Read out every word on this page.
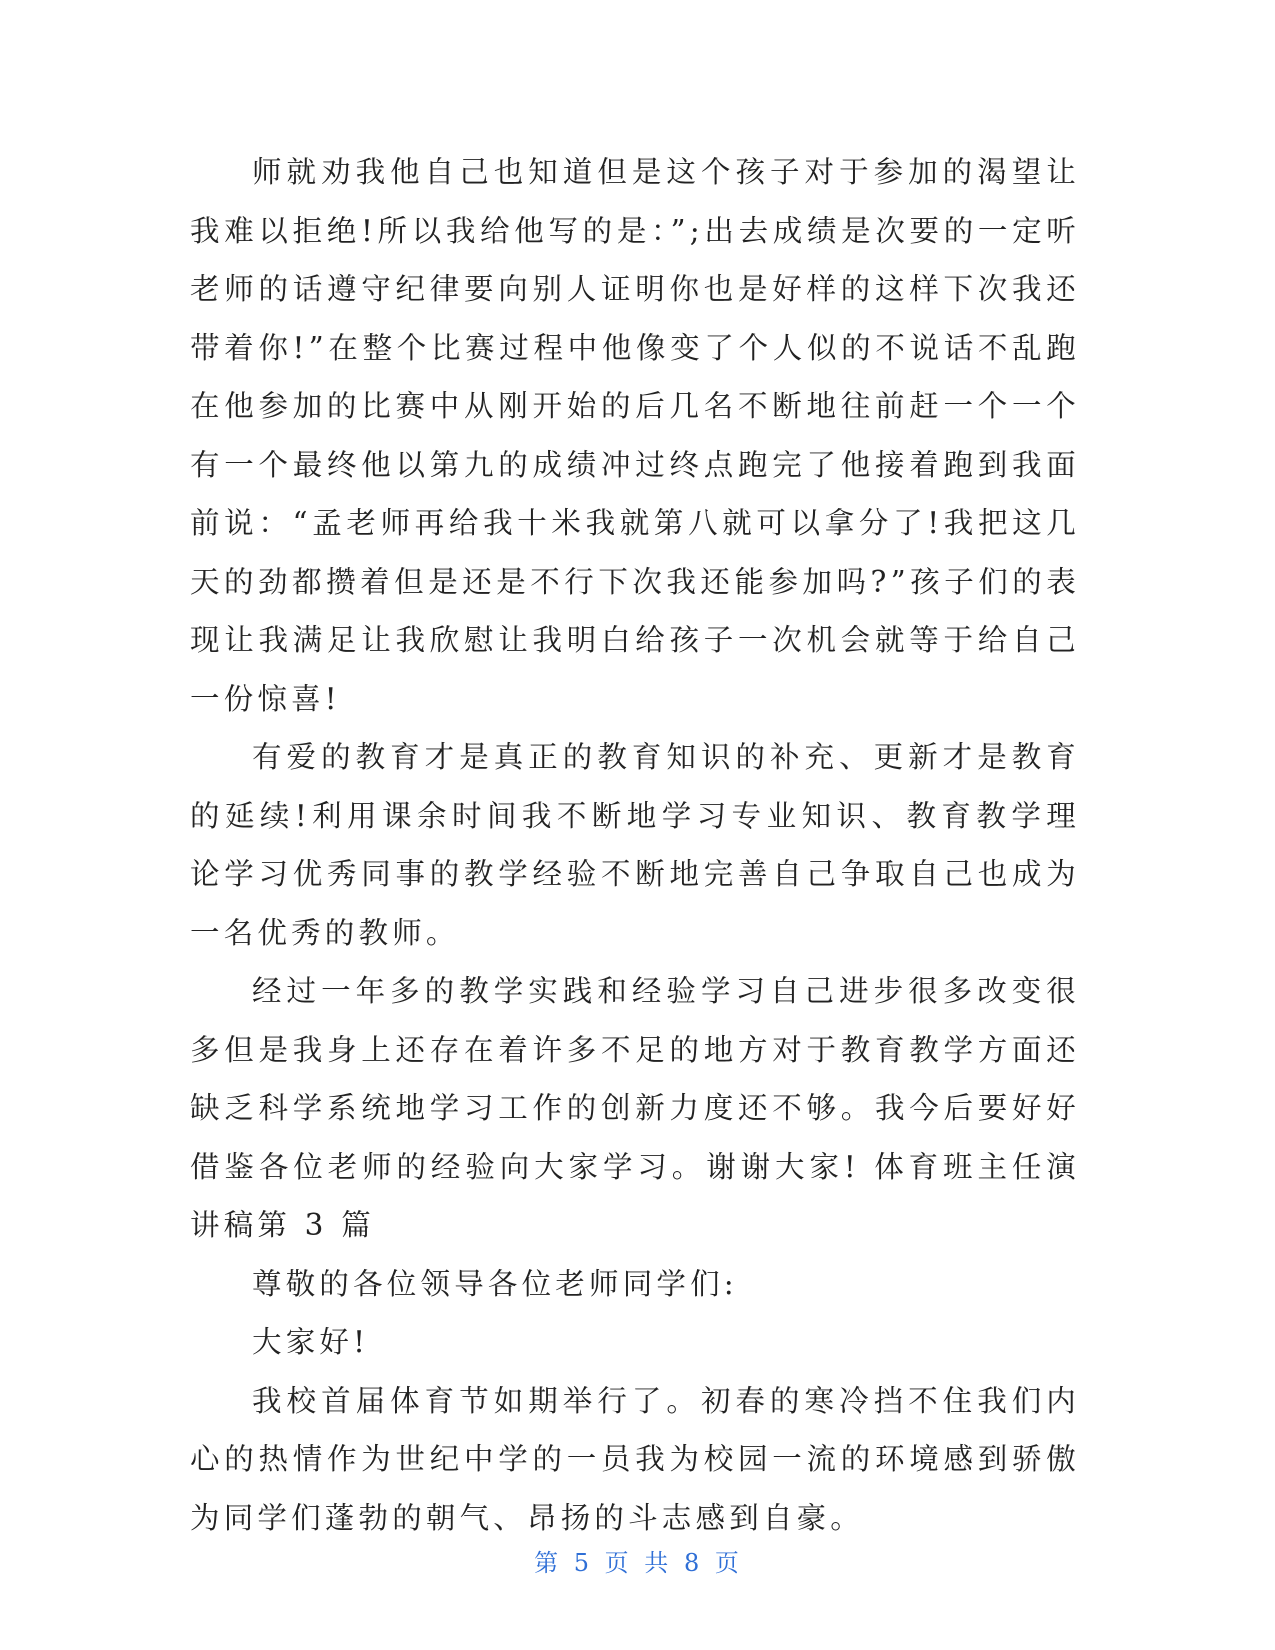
师就劝我他自己也知道但是这个孩子对于参加的渴望让我难以拒绝!所以我给他写的是：”;出去成绩是次要的一定听老师的话遵守纪律要向别人证明你也是好样的这样下次我还带着你!”在整个比赛过程中他像变了个人似的不说话不乱跑在他参加的比赛中从刚开始的后几名不断地往前赶一个一个有一个最终他以第九的成绩冲过终点跑完了他接着跑到我面前说：“孟老师再给我十米我就第八就可以拿分了!我把这几天的劲都攒着但是还是不行下次我还能参加吗?”孩子们的表现让我满足让我欣慰让我明白给孩子一次机会就等于给自己一份惊喜!

有爱的教育才是真正的教育知识的补充、更新才是教育的延续!利用课余时间我不断地学习专业知识、教育教学理论学习优秀同事的教学经验不断地完善自己争取自己也成为一名优秀的教师。

经过一年多的教学实践和经验学习自己进步很多改变很多但是我身上还存在着许多不足的地方对于教育教学方面还缺乏科学系统地学习工作的创新力度还不够。我今后要好好借鉴各位老师的经验向大家学习。谢谢大家! 体育班主任演讲稿第 3 篇

尊敬的各位领导各位老师同学们:

大家好!

我校首届体育节如期举行了。初春的寒冷挡不住我们内心的热情作为世纪中学的一员我为校园一流的环境感到骄傲为同学们蓬勃的朝气、昂扬的斗志感到自豪。

第 5 页 共 8 页
